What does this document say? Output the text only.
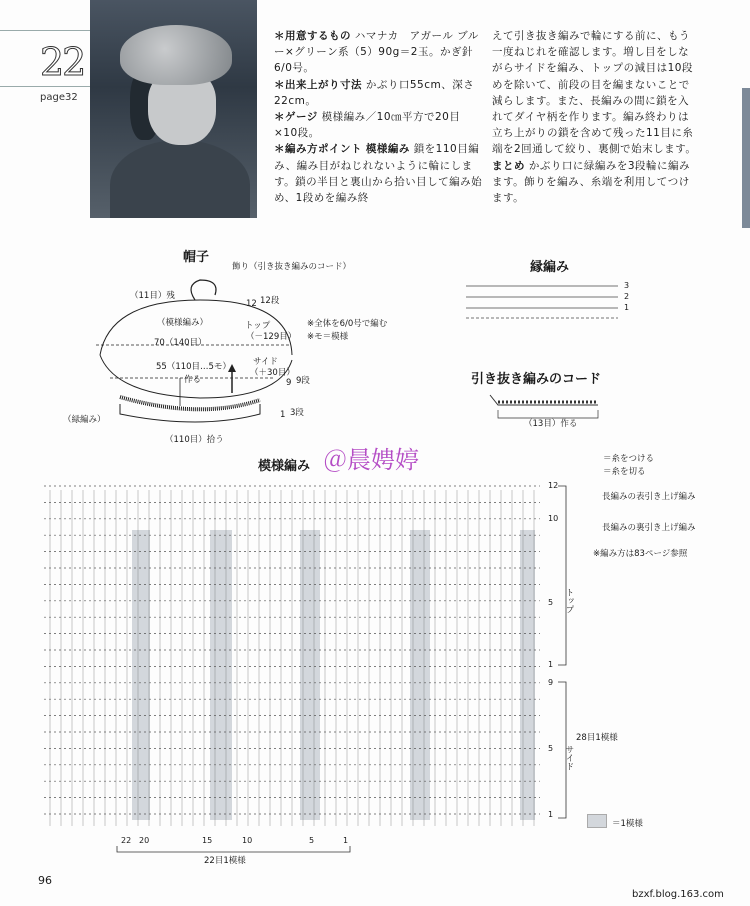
22
page32
＊用意するもの ハマナカ　アガール ブルー×グリーン系（5）90g＝2玉。かぎ針6/0号。
＊出来上がり寸法 かぶり口55cm、深さ22cm。
＊ゲージ 模様編み／10㎝平方で20目×10段。
＊編み方ポイント 模様編み 鎖を110目編み、編み目がねじれないように輪にします。鎖の半目と裏山から拾い目して編み始め、1段めを編み終
えて引き抜き編みで輪にする前に、もう一度ねじれを確認します。増し目をしながらサイドを編み、トップの減目は10段めを除いて、前段の目を編まないことで減らします。また、長編みの間に鎖を入れてダイヤ柄を作ります。編み終わりは立ち上がりの鎖を含めて残った11目に糸端を2回通して絞り、裏側で始末します。 まとめ かぶり口に緑編みを3段輪に編みます。飾りを編み、糸端を利用してつけます。
帽子
飾り（引き抜き編みのコード）
（11目）残
（模様編み）	トップ
（－129目）
70（140目）
サイド
（＋30目）
55（110目…5モ）
作る
（緑編み）
（110目）拾う
12 12段
9 9段
1 3段
※全体を6/0号で編む
※モ＝模様
縁編み
3
2
1
引き抜き編みのコード
（13目）作る
模様編み ＠晨娉婷	＝糸をつける
＝糸を切る
長編みの表引き上げ編み
長編みの裏引き上げ編み
※編み方は83ページ参照
12
10
5
1
9
5
1
トップ
サイド
28目1模様
22目1模様
22 20	15	10	5	1
＝1模様
96
bzxf.blog.163.com
